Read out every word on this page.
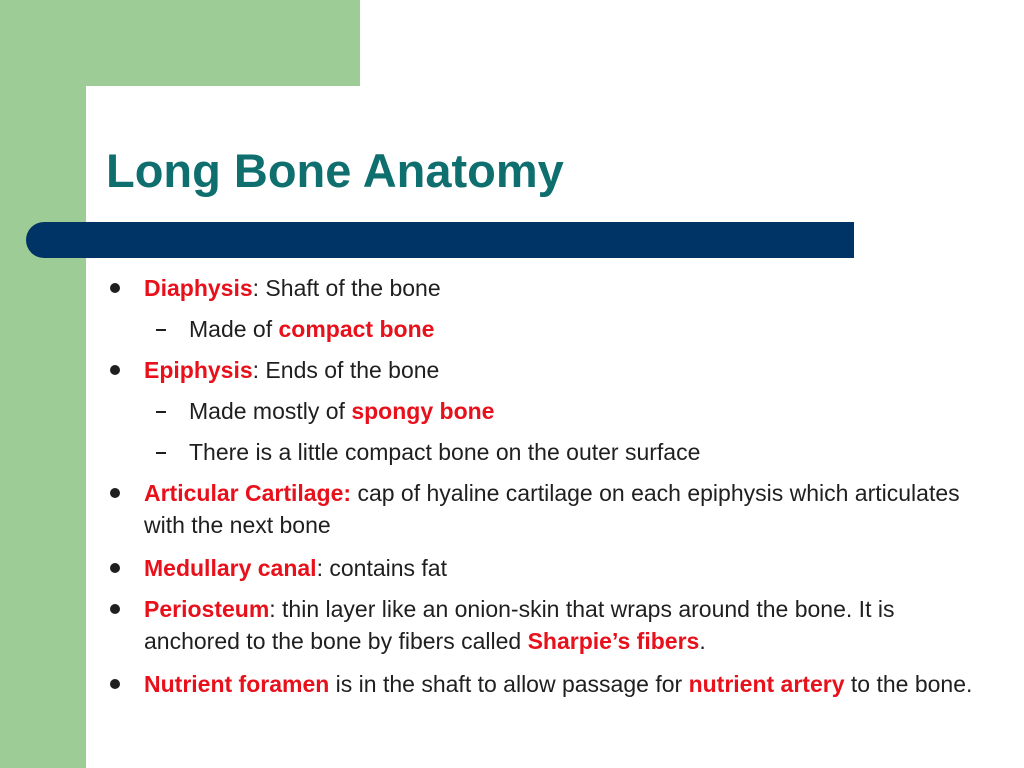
Long Bone Anatomy
Diaphysis: Shaft of the bone
Made of compact bone
Epiphysis: Ends of the bone
Made mostly of spongy bone
There is a little compact bone on the outer surface
Articular Cartilage: cap of hyaline cartilage on each epiphysis which articulates with the next bone
Medullary canal: contains fat
Periosteum: thin layer like an onion-skin that wraps around the bone. It is anchored to the bone by fibers called Sharpie’s fibers.
Nutrient foramen is in the shaft to allow passage for nutrient artery to the bone.
